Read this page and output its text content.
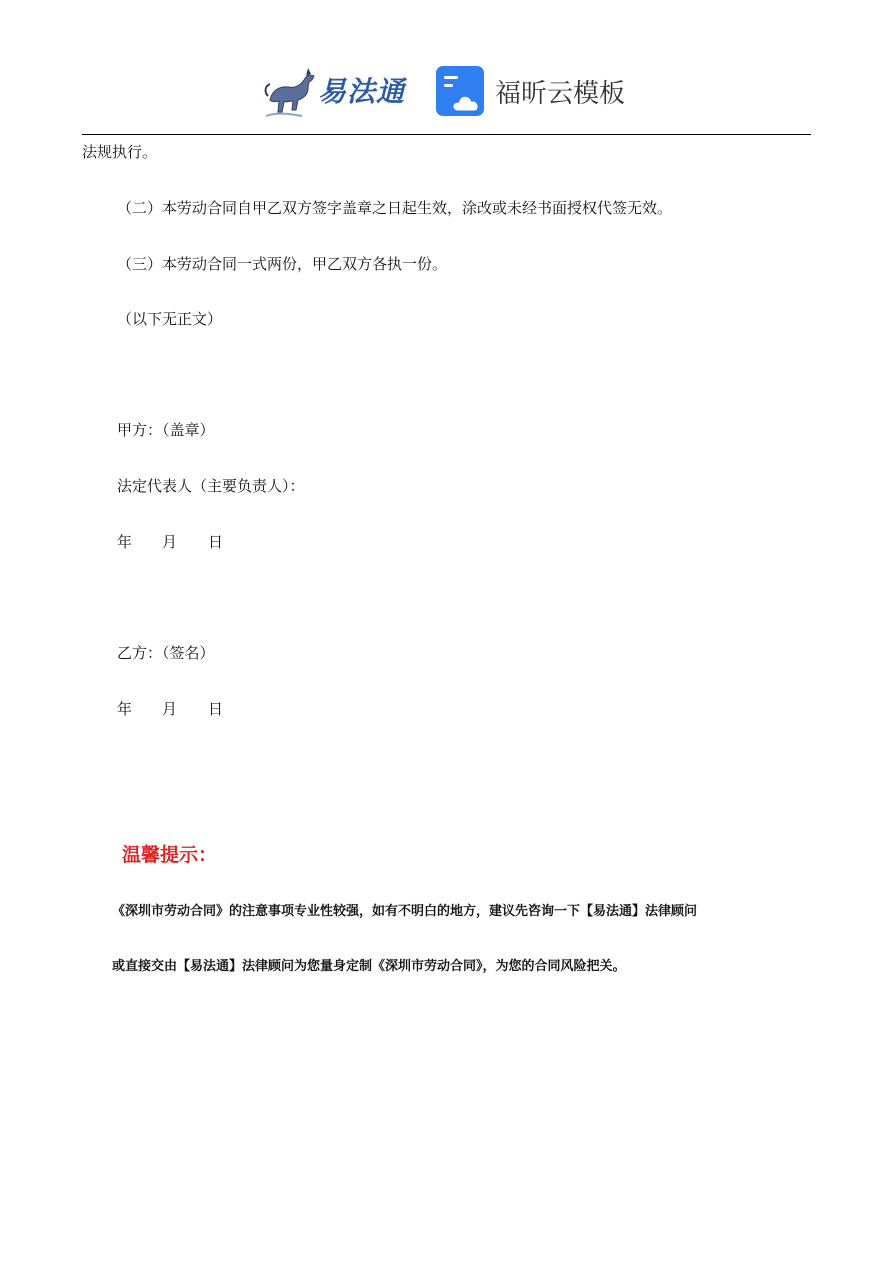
易法通	福昕云模板
法规执行。
（二）本劳动合同自甲乙双方签字盖章之日起生效，涂改或未经书面授权代签无效。
（三）本劳动合同一式两份，甲乙双方各执一份。
（以下无正文）
甲方：（盖章）
法定代表人（主要负责人）：
年 月 日
乙方：（签名）
年 月 日
温馨提示：
《深圳市劳动合同》的注意事项专业性较强，如有不明白的地方，建议先咨询一下【易法通】法律顾问
或直接交由【易法通】法律顾问为您量身定制《深圳市劳动合同》，为您的合同风险把关。
